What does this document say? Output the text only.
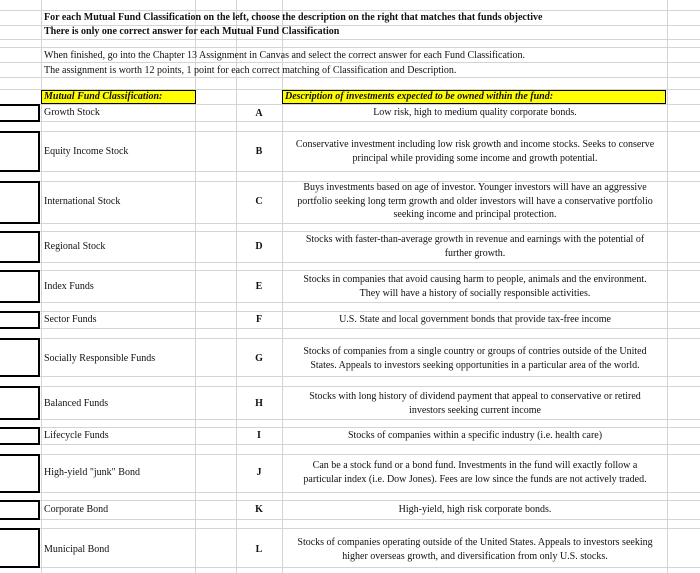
For each Mutual Fund Classification on the left, choose the description on the right that matches that funds objective
There is only one correct answer for each Mutual Fund Classification
When finished, go into the Chapter 13 Assignment in Canvas and select the correct answer for each Fund Classification.
The assignment is worth 12 points, 1 point for each correct matching of Classification and Description.
Mutual Fund Classification:	Description of investments expected to be owned within the fund:
Growth Stock
Equity Income Stock
International Stock
Regional Stock
Index Funds
Sector Funds
Socially Responsible Funds
Balanced Funds
Lifecycle Funds
High-yield "junk" Bond
Corporate Bond
Municipal Bond
A
B
C
D
E
F
G
H
I
J
K
L
Low risk, high to medium quality corporate bonds.
Conservative investment including low risk growth and income stocks. Seeks to conserve
principal while providing some income and growth potential.
Buys investments based on age of investor. Younger investors will have an aggressive
portfolio seeking long term growth and older investors will have a conservative portfolio
seeking income and principal protection.
Stocks with faster-than-average growth in revenue and earnings with the potential of
further growth.
Stocks in companies that avoid causing harm to people, animals and the environment.
They will have a history of socially responsible activities.
U.S. State and local government bonds that provide tax-free income
Stocks of companies from a single country or groups of contries outside of the United
States. Appeals to investors seeking opportunities in a particular area of the world.
Stocks with long history of dividend payment that appeal to conservative or retired
investors seeking current income
Stocks of companies within a specific industry (i.e. health care)
Can be a stock fund or a bond fund. Investments in the fund will exactly follow a
particular index (i.e. Dow Jones). Fees are low since the funds are not actively traded.
High-yield, high risk corporate bonds.
Stocks of companies operating outside of the United States. Appeals to investors seeking
higher overseas growth, and diversification from only U.S. stocks.
